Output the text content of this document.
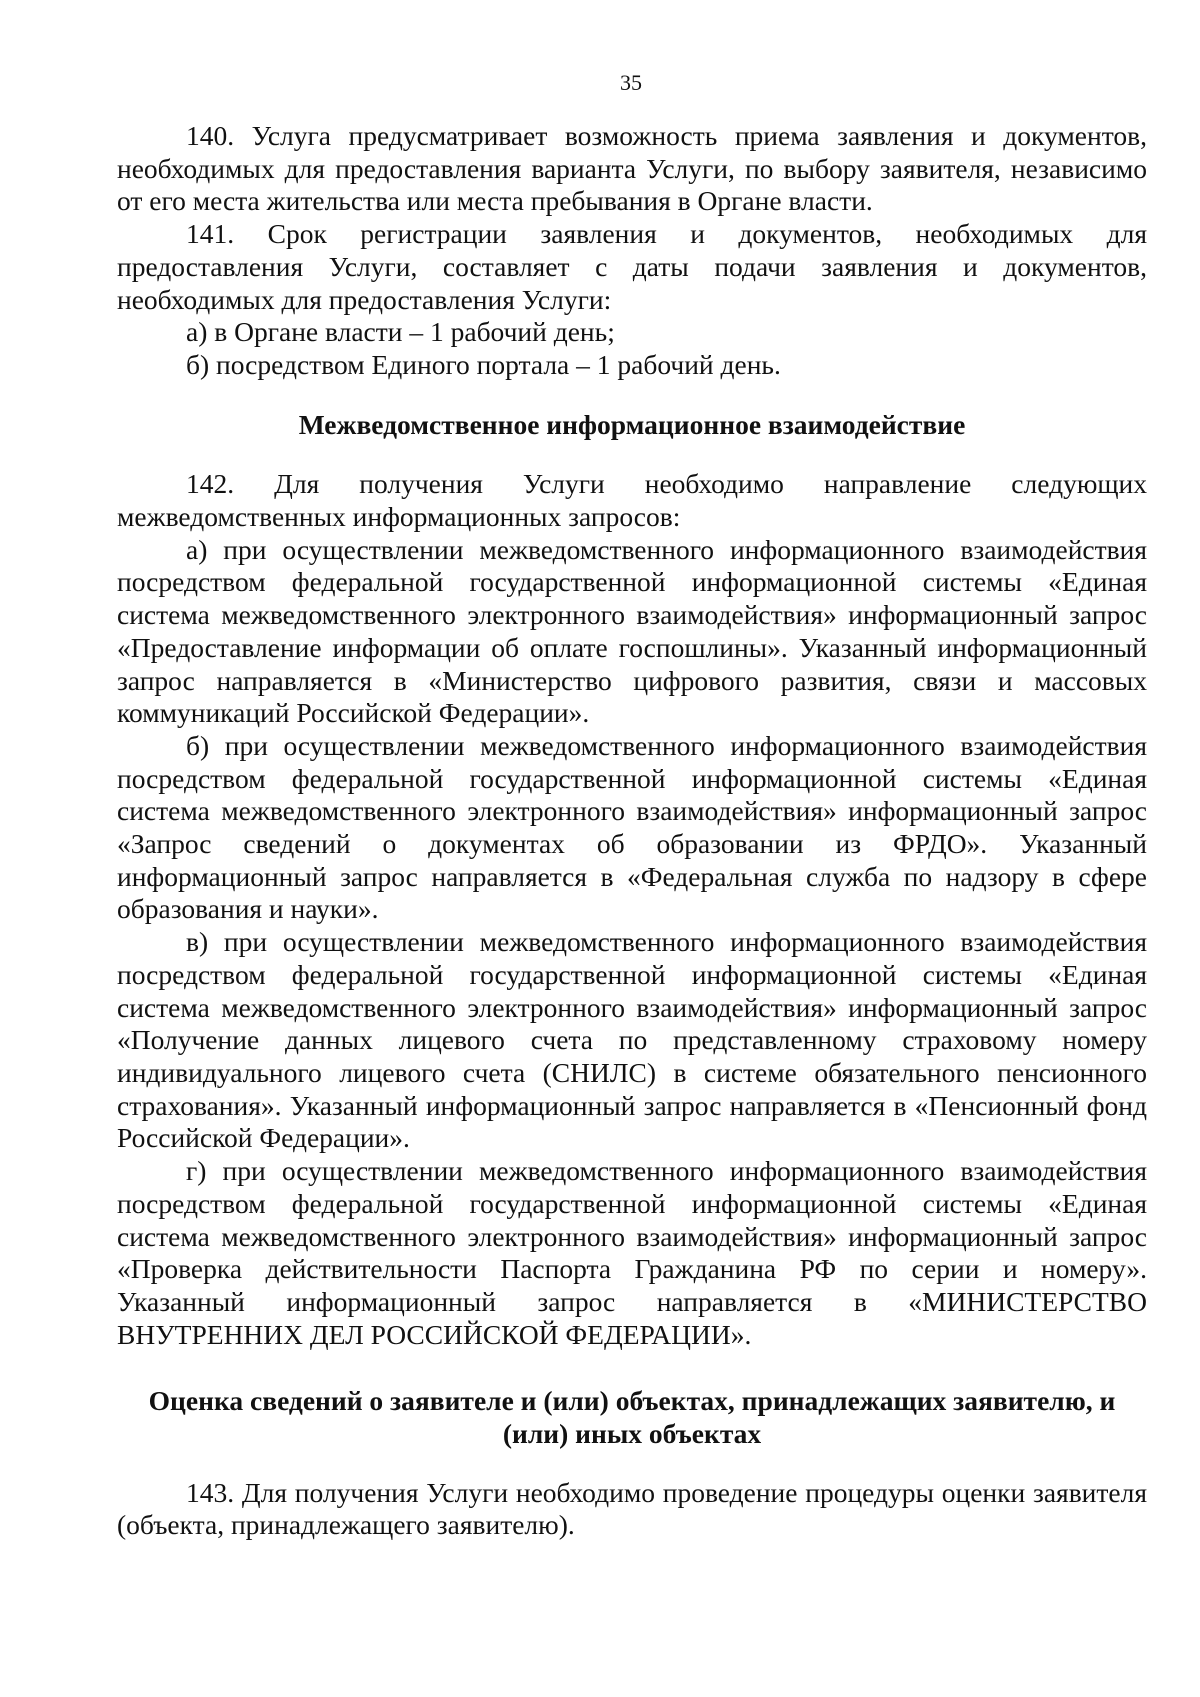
35

140. Услуга предусматривает возможность приема заявления и документов, необходимых для предоставления варианта Услуги, по выбору заявителя, независимо от его места жительства или места пребывания в Органе власти.

141. Срок регистрации заявления и документов, необходимых для предоставления Услуги, составляет с даты подачи заявления и документов, необходимых для предоставления Услуги:

а) в Органе власти – 1 рабочий день;

б) посредством Единого портала – 1 рабочий день.

Межведомственное информационное взаимодействие

142. Для получения Услуги необходимо направление следующих межведомственных информационных запросов:

а) при осуществлении межведомственного информационного взаимодействия посредством федеральной государственной информационной системы «Единая система межведомственного электронного взаимодействия» информационный запрос «Предоставление информации об оплате госпошлины». Указанный информационный запрос направляется в «Министерство цифрового развития, связи и массовых коммуникаций Российской Федерации».

б) при осуществлении межведомственного информационного взаимодействия посредством федеральной государственной информационной системы «Единая система межведомственного электронного взаимодействия» информационный запрос «Запрос сведений о документах об образовании из ФРДО». Указанный информационный запрос направляется в «Федеральная служба по надзору в сфере образования и науки».

в) при осуществлении межведомственного информационного взаимодействия посредством федеральной государственной информационной системы «Единая система межведомственного электронного взаимодействия» информационный запрос «Получение данных лицевого счета по представленному страховому номеру индивидуального лицевого счета (СНИЛС) в системе обязательного пенсионного страхования». Указанный информационный запрос направляется в «Пенсионный фонд Российской Федерации».

г) при осуществлении межведомственного информационного взаимодействия посредством федеральной государственной информационной системы «Единая система межведомственного электронного взаимодействия» информационный запрос «Проверка действительности Паспорта Гражданина РФ по серии и номеру». Указанный информационный запрос направляется в «МИНИСТЕРСТВО ВНУТРЕННИХ ДЕЛ РОССИЙСКОЙ ФЕДЕРАЦИИ».

Оценка сведений о заявителе и (или) объектах, принадлежащих заявителю, и
(или) иных объектах

143. Для получения Услуги необходимо проведение процедуры оценки заявителя (объекта, принадлежащего заявителю).
